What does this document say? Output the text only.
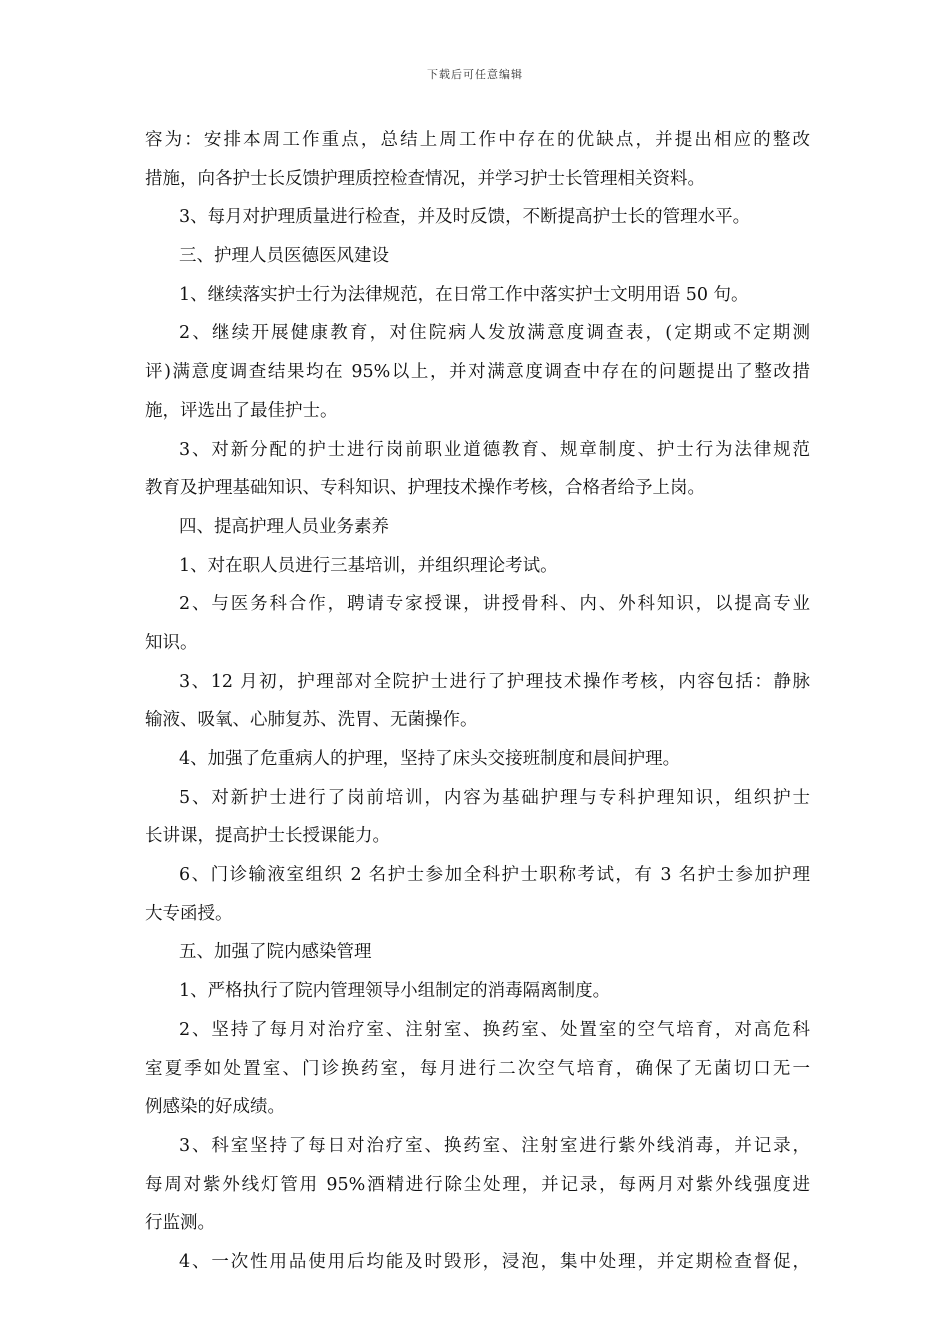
下载后可任意编辑
容为：安排本周工作重点，总结上周工作中存在的优缺点，并提出相应的整改
措施，向各护士长反馈护理质控检查情况，并学习护士长管理相关资料。
3、每月对护理质量进行检查，并及时反馈，不断提高护士长的管理水平。
三、护理人员医德医风建设
1、继续落实护士行为法律规范，在日常工作中落实护士文明用语 50 句。
2、继续开展健康教育，对住院病人发放满意度调查表，(定期或不定期测
评)满意度调查结果均在 95%以上，并对满意度调查中存在的问题提出了整改措
施，评选出了最佳护士。
3、对新分配的护士进行岗前职业道德教育、规章制度、护士行为法律规范
教育及护理基础知识、专科知识、护理技术操作考核，合格者给予上岗。
四、提高护理人员业务素养
1、对在职人员进行三基培训，并组织理论考试。
2、与医务科合作，聘请专家授课，讲授骨科、内、外科知识，以提高专业
知识。
3、12 月初，护理部对全院护士进行了护理技术操作考核，内容包括：静脉
输液、吸氧、心肺复苏、洗胃、无菌操作。
4、加强了危重病人的护理，坚持了床头交接班制度和晨间护理。
5、对新护士进行了岗前培训，内容为基础护理与专科护理知识，组织护士
长讲课，提高护士长授课能力。
6、门诊输液室组织 2 名护士参加全科护士职称考试，有 3 名护士参加护理
大专函授。
五、加强了院内感染管理
1、严格执行了院内管理领导小组制定的消毒隔离制度。
2、坚持了每月对治疗室、注射室、换药室、处置室的空气培育，对高危科
室夏季如处置室、门诊换药室，每月进行二次空气培育，确保了无菌切口无一
例感染的好成绩。
3、科室坚持了每日对治疗室、换药室、注射室进行紫外线消毒，并记录，
每周对紫外线灯管用 95%酒精进行除尘处理，并记录，每两月对紫外线强度进
行监测。
4、一次性用品使用后均能及时毁形，浸泡，集中处理，并定期检查督促，
